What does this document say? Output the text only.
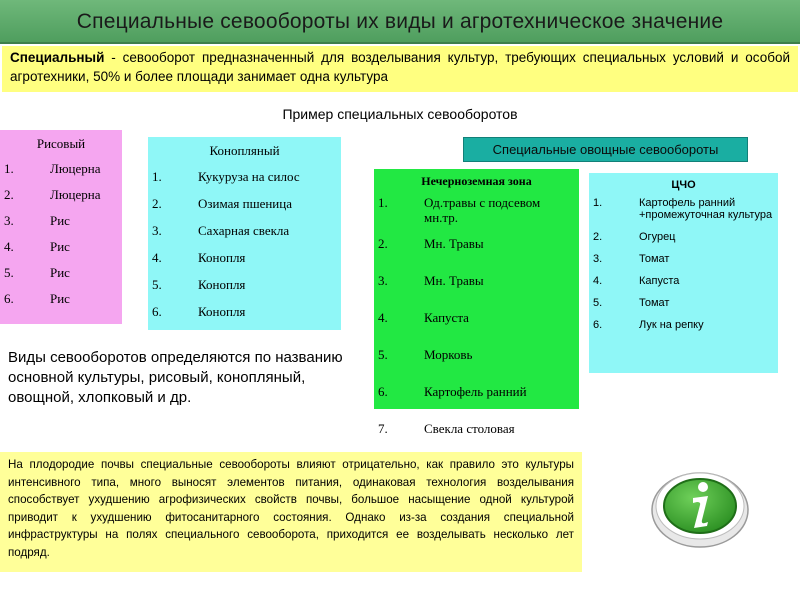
Специальные севообороты их виды и агротехническое значение
Специальный - севооборот предназначенный для возделывания культур, требующих специальных условий и особой агротехники, 50% и более площади занимает одна культура
Пример специальных севооборотов
Рисовый
1.	Люцерна
2.	Люцерна
3.	Рис
4.	Рис
5.	Рис
6.	Рис
Конопляный
1.	Кукуруза на силос
2.	Озимая пшеница
3.	Сахарная свекла
4.	Конопля
5.	Конопля
6.	Конопля
Специальные овощные севообороты
Нечерноземная зона
1.	Од.травы с подсевом мн.тр.
2.	Мн. Травы
3.	Мн. Травы
4.	Капуста
5.	Морковь
6.	Картофель ранний
7.	Свекла столовая
ЦЧО
1.	Картофель ранний +промежуточная культура
2.	Огурец
3.	Томат
4.	Капуста
5.	Томат
6.	Лук на репку
Виды севооборотов определяются по названию основной культуры, рисовый, конопляный, овощной, хлопковый и др.
На плодородие почвы специальные севообороты влияют отрицательно, как правило это культуры интенсивного типа, много выносят элементов питания, одинаковая технология возделывания способствует ухудшению агрофизических свойств почвы, большое насыщение одной культурой приводит к ухудшению фитосанитарного состояния. Однако из-за создания специальной инфраструктуры на полях специального севооборота, приходится ее возделывать несколько лет подряд.
